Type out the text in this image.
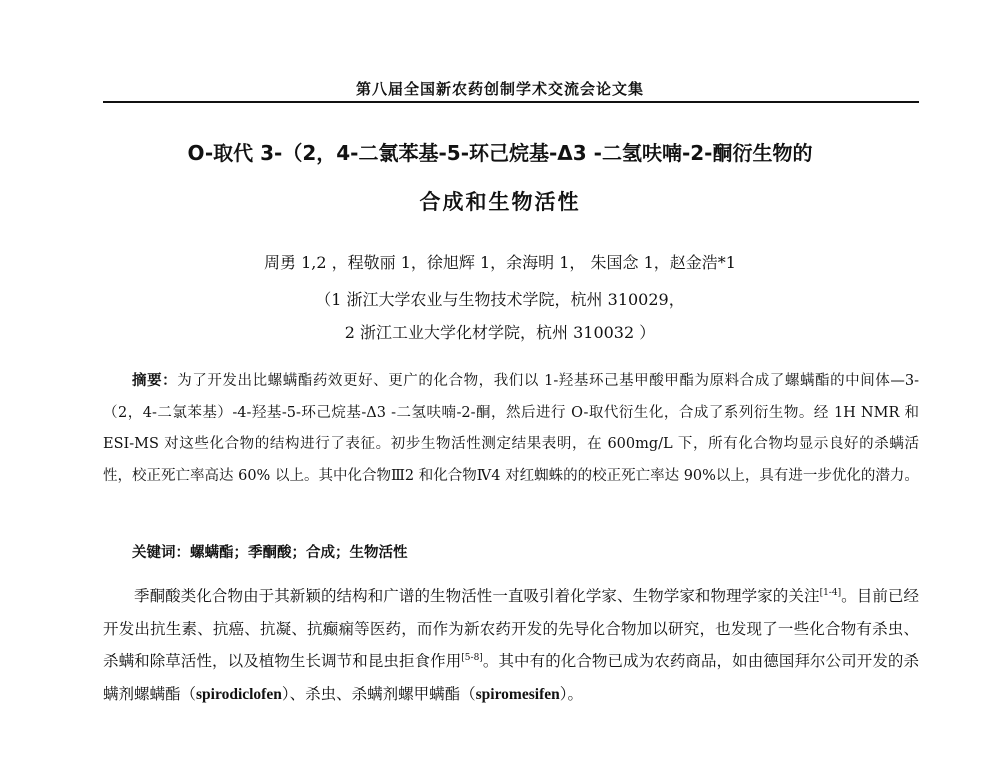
第八届全国新农药创制学术交流会论文集
O-取代 3-（2，4-二氯苯基-5-环己烷基-Δ3 -二氢呋喃-2-酮衍生物的
合成和生物活性
周勇 1,2 ，程敬丽 1，徐旭辉 1，余海明 1， 朱国念 1，赵金浩*1
（1 浙江大学农业与生物技术学院，杭州 310029，
2 浙江工业大学化材学院，杭州 310032 ）

摘要：为了开发出比螺螨酯药效更好、更广的化合物，我们以 1-羟基环己基甲酸甲酯为原料合成了螺螨酯的中间体—3-（2，4-二氯苯基）-4-羟基-5-环己烷基-Δ3 -二氢呋喃-2-酮，然后进行 O-取代衍生化，合成了系列衍生物。经 1H NMR 和 ESI-MS 对这些化合物的结构进行了表征。初步生物活性测定结果表明，在 600mg/L 下，所有化合物均显示良好的杀螨活性，校正死亡率高达 60% 以上。其中化合物Ⅲ2 和化合物Ⅳ4 对红蜘蛛的的校正死亡率达 90%以上，具有进一步优化的潜力。

关键词：螺螨酯；季酮酸；合成；生物活性

季酮酸类化合物由于其新颖的结构和广谱的生物活性一直吸引着化学家、生物学家和物理学家的关注[1-4]。目前已经开发出抗生素、抗癌、抗凝、抗癫痫等医药，而作为新农药开发的先导化合物加以研究，也发现了一些化合物有杀虫、杀螨和除草活性，以及植物生长调节和昆虫拒食作用[5-8]。其中有的化合物已成为农药商品，如由德国拜尔公司开发的杀螨剂螺螨酯（spirodiclofen）、杀虫、杀螨剂螺甲螨酯（spiromesifen）。
